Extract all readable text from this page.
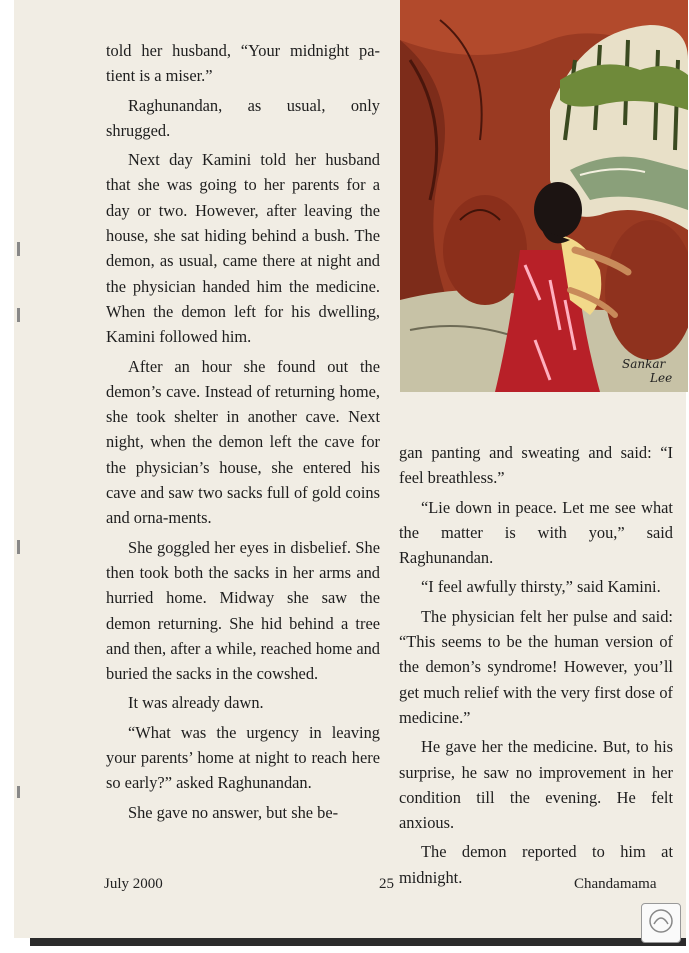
Sankar
Lee

told her husband, “Your midnight pa-tient is a miser.”

Raghunandan, as usual, only shrugged.

Next day Kamini told her husband that she was going to her parents for a day or two. However, after leaving the house, she sat hiding behind a bush. The demon, as usual, came there at night and the physician handed him the medicine. When the demon left for his dwelling, Kamini followed him.

After an hour she found out the demon’s cave. Instead of returning home, she took shelter in another cave. Next night, when the demon left the cave for the physician’s house, she entered his cave and saw two sacks full of gold coins and orna-ments.

She goggled her eyes in disbelief. She then took both the sacks in her arms and hurried home. Midway she saw the demon returning. She hid behind a tree and then, after a while, reached home and buried the sacks in the cowshed.

It was already dawn.

“What was the urgency in leaving your parents’ home at night to reach here so early?” asked Raghunandan.

She gave no answer, but she be-

gan panting and sweating and said: “I feel breathless.”

“Lie down in peace. Let me see what the matter is with you,” said Raghunandan.

“I feel awfully thirsty,” said Kamini.

The physician felt her pulse and said: “This seems to be the human version of the demon’s syndrome! However, you’ll get much relief with the very first dose of medicine.”

He gave her the medicine. But, to his surprise, he saw no improvement in her condition till the evening. He felt anxious.

The demon reported to him at midnight.

July 2000	25	Chandamama
